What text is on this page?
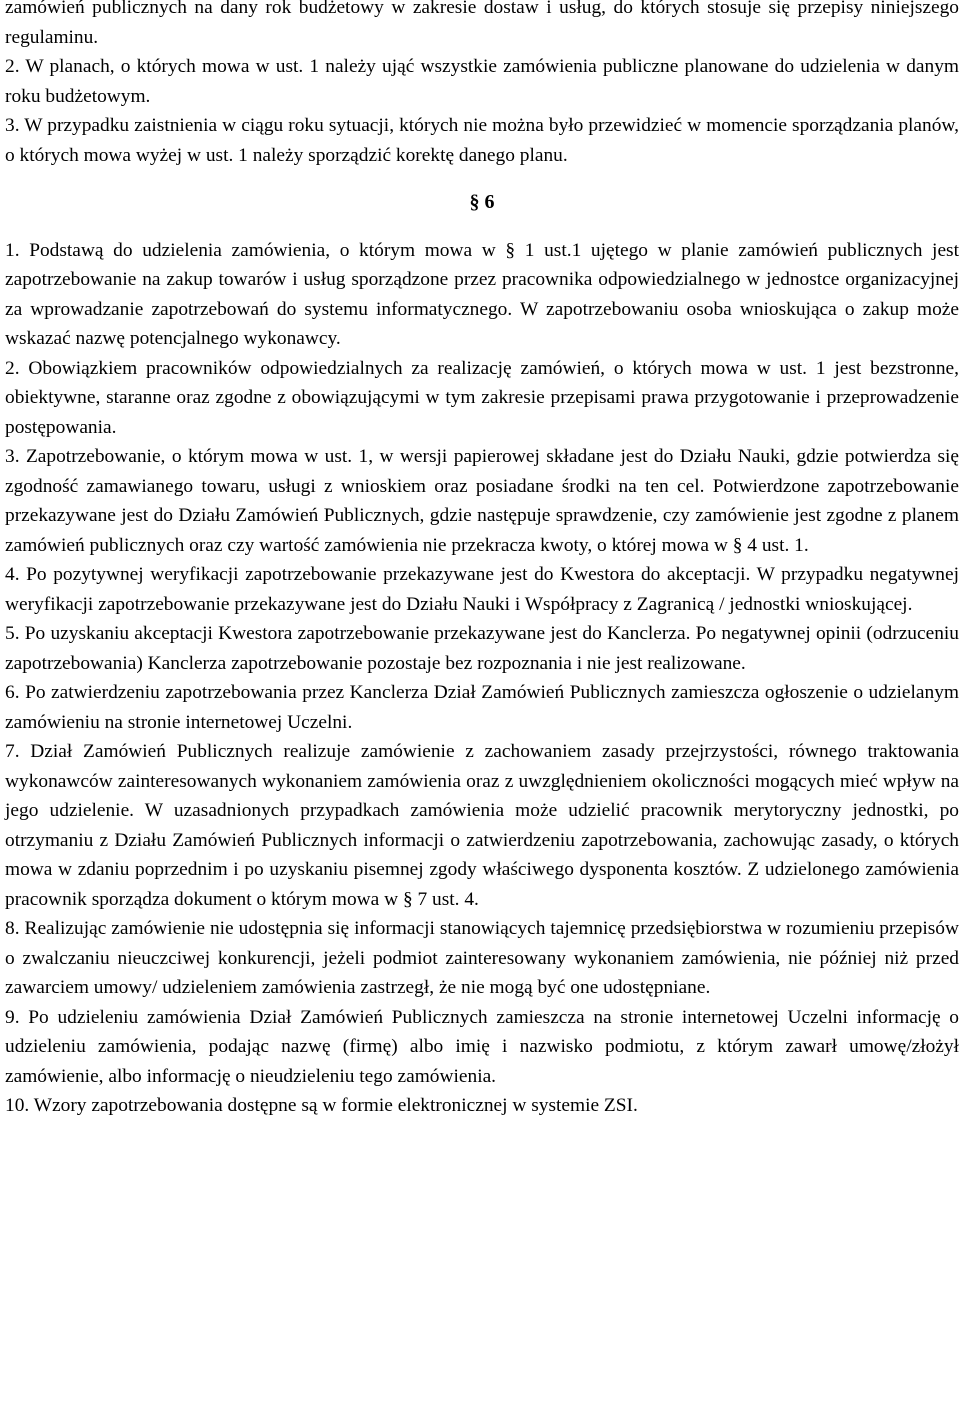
zamówień publicznych na dany rok budżetowy w zakresie dostaw i usług, do których stosuje się przepisy niniejszego regulaminu.

2. W planach, o których mowa w ust. 1 należy ująć wszystkie zamówienia publiczne planowane do udzielenia w danym roku budżetowym.

3. W przypadku zaistnienia w ciągu roku sytuacji, których nie można było przewidzieć w momencie sporządzania planów, o których mowa wyżej w ust. 1 należy sporządzić korektę danego planu.

§ 6

1. Podstawą do udzielenia zamówienia, o którym mowa w § 1 ust.1 ujętego w planie zamówień publicznych jest zapotrzebowanie na zakup towarów i usług sporządzone przez pracownika odpowiedzialnego w jednostce organizacyjnej za wprowadzanie zapotrzebowań do systemu informatycznego. W zapotrzebowaniu osoba wnioskująca o zakup może wskazać nazwę potencjalnego wykonawcy.

2. Obowiązkiem pracowników odpowiedzialnych za realizację zamówień, o których mowa w ust. 1 jest bezstronne, obiektywne, staranne oraz zgodne z obowiązującymi w tym zakresie przepisami prawa przygotowanie i przeprowadzenie postępowania.

3. Zapotrzebowanie, o którym mowa w ust. 1, w wersji papierowej składane jest do Działu Nauki, gdzie potwierdza się zgodność zamawianego towaru, usługi z wnioskiem oraz posiadane środki na ten cel. Potwierdzone zapotrzebowanie przekazywane jest do Działu Zamówień Publicznych, gdzie następuje sprawdzenie, czy zamówienie jest zgodne z planem zamówień publicznych oraz czy wartość zamówienia nie przekracza kwoty, o której mowa w § 4 ust. 1.

4. Po pozytywnej weryfikacji zapotrzebowanie przekazywane jest do Kwestora do akceptacji. W przypadku negatywnej weryfikacji zapotrzebowanie przekazywane jest do Działu Nauki i Współpracy z Zagranicą / jednostki wnioskującej.

5. Po uzyskaniu akceptacji Kwestora zapotrzebowanie przekazywane jest do Kanclerza. Po negatywnej opinii (odrzuceniu zapotrzebowania) Kanclerza zapotrzebowanie pozostaje bez rozpoznania i nie jest realizowane.

6. Po zatwierdzeniu zapotrzebowania przez Kanclerza Dział Zamówień Publicznych zamieszcza ogłoszenie o udzielanym zamówieniu na stronie internetowej Uczelni.

7. Dział Zamówień Publicznych realizuje zamówienie z zachowaniem zasady przejrzystości, równego traktowania wykonawców zainteresowanych wykonaniem zamówienia oraz z uwzględnieniem okoliczności mogących mieć wpływ na jego udzielenie. W uzasadnionych przypadkach zamówienia może udzielić pracownik merytoryczny jednostki, po otrzymaniu z Działu Zamówień Publicznych informacji o zatwierdzeniu zapotrzebowania, zachowując zasady, o których mowa w zdaniu poprzednim i po uzyskaniu pisemnej zgody właściwego dysponenta kosztów. Z udzielonego zamówienia pracownik sporządza dokument o którym mowa w § 7 ust. 4.

8. Realizując zamówienie nie udostępnia się informacji stanowiących tajemnicę przedsiębiorstwa w rozumieniu przepisów o zwalczaniu nieuczciwej konkurencji, jeżeli podmiot zainteresowany wykonaniem zamówienia, nie później niż przed zawarciem umowy/ udzieleniem zamówienia zastrzegł, że nie mogą być one udostępniane.

9. Po udzieleniu zamówienia Dział Zamówień Publicznych zamieszcza na stronie internetowej Uczelni informację o udzieleniu zamówienia, podając nazwę (firmę) albo imię i nazwisko podmiotu, z którym zawarł umowę/złożył zamówienie, albo informację o nieudzieleniu tego zamówienia.

10. Wzory zapotrzebowania dostępne są w formie elektronicznej w systemie ZSI.
